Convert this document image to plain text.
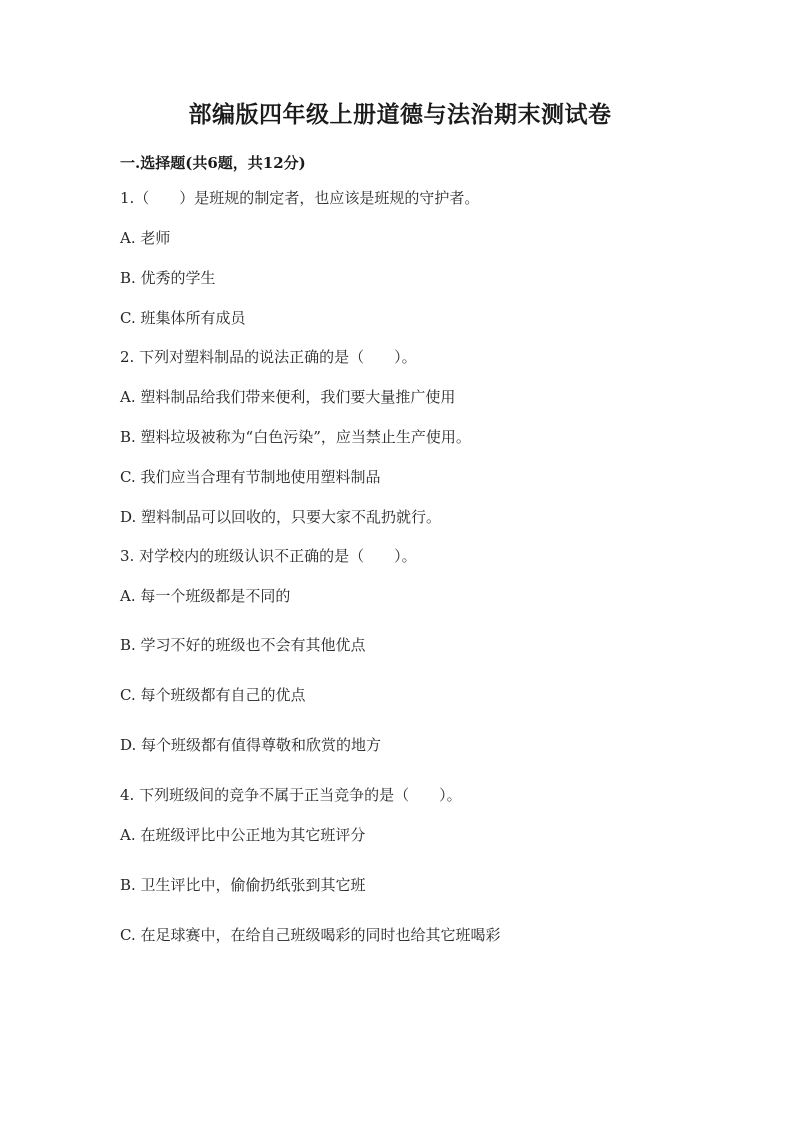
部编版四年级上册道德与法治期末测试卷
一.选择题(共6题，共12分)
1.（　　）是班规的制定者，也应该是班规的守护者。
A. 老师
B. 优秀的学生
C. 班集体所有成员
2. 下列对塑料制品的说法正确的是（　　）。
A. 塑料制品给我们带来便利，我们要大量推广使用
B. 塑料垃圾被称为“白色污染”，应当禁止生产使用。
C. 我们应当合理有节制地使用塑料制品
D. 塑料制品可以回收的，只要大家不乱扔就行。
3. 对学校内的班级认识不正确的是（　　）。
A. 每一个班级都是不同的
B. 学习不好的班级也不会有其他优点
C. 每个班级都有自己的优点
D. 每个班级都有值得尊敬和欣赏的地方
4. 下列班级间的竞争不属于正当竞争的是（　　）。
A. 在班级评比中公正地为其它班评分
B. 卫生评比中，偷偷扔纸张到其它班
C. 在足球赛中，在给自己班级喝彩的同时也给其它班喝彩
